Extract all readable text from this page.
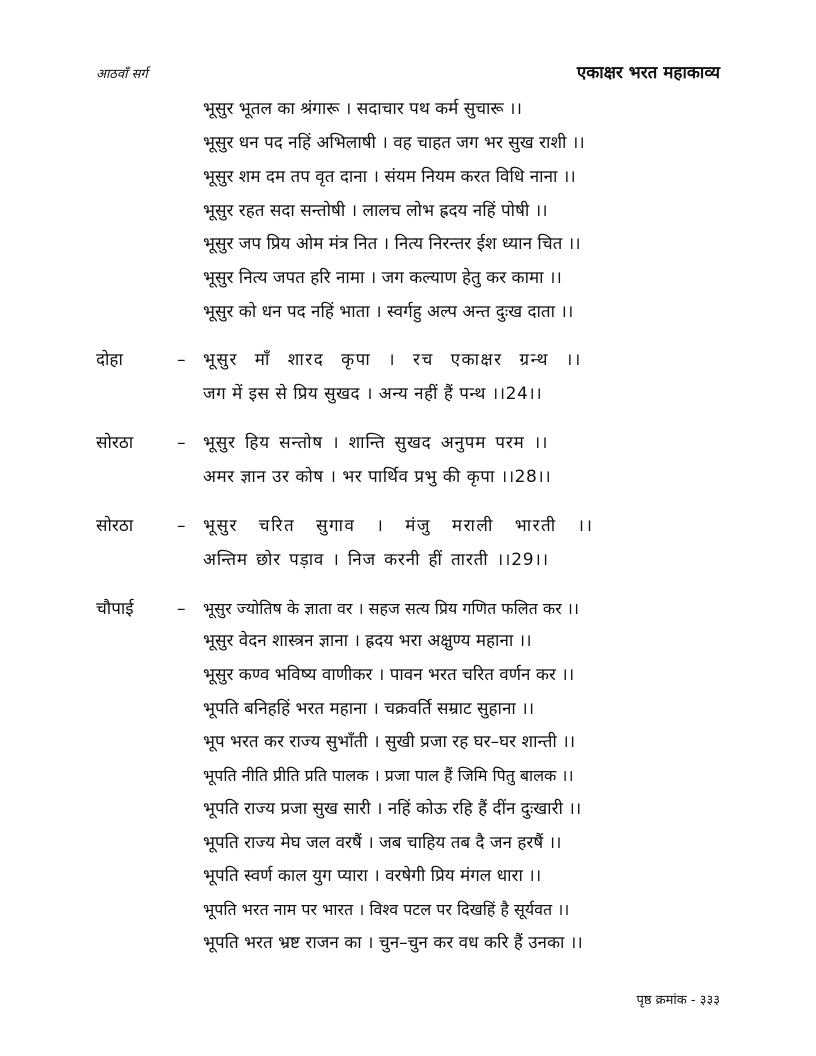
आठवाँ सर्ग	एकाक्षर भरत महाकाव्य
भूसुर भूतल का श्रंगारू । सदाचार पथ कर्म सुचारू ।।
भूसुर धन पद नहिं अभिलाषी । वह चाहत जग भर सुख राशी ।।
भूसुर शम दम तप वृत दाना । संयम नियम करत विधि नाना ।।
भूसुर रहत सदा सन्तोषी । लालच लोभ ह्रदय नहिं पोषी ।।
भूसुर जप प्रिय ओम मंत्र नित । नित्य निरन्तर ईश ध्यान चित ।।
भूसुर नित्य जपत हरि नामा । जग कल्याण हेतु कर कामा ।।
भूसुर को धन पद नहिं भाता । स्वर्गहु अल्प अन्त दुःख दाता ।।
दोहा	– भूसुर माँ शारद कृपा । रच एकाक्षर ग्रन्थ ।।
जग में इस से प्रिय सुखद । अन्य नहीं हैं पन्थ ।।24।।
सोरठा	– भूसुर हिय सन्तोष । शान्ति सुखद अनुपम परम ।।
अमर ज्ञान उर कोष । भर पार्थिव प्रभु की कृपा ।।28।।
सोरठा	– भूसुर चरित सुगाव । मंजु मराली भारती ।।
अन्तिम छोर पड़ाव । निज करनी हीं तारती ।।29।।
चौपाई	– भूसुर ज्योतिष के ज्ञाता वर । सहज सत्य प्रिय गणित फलित कर ।।
भूसुर वेदन शास्त्रन ज्ञाना । ह्रदय भरा अक्षुण्य महाना ।।
भूसुर कण्व भविष्य वाणीकर । पावन भरत चरित वर्णन कर ।।
भूपति बनिहहिं भरत महाना । चक्रवर्ति सम्राट सुहाना ।।
भूप भरत कर राज्य सुभाँती । सुखी प्रजा रह घर–घर शान्ती ।।
भूपति नीति प्रीति प्रति पालक । प्रजा पाल हैं जिमि पितु बालक ।।
भूपति राज्य प्रजा सुख सारी । नहिं कोऊ रहि हैं दींन दुःखारी ।।
भूपति राज्य मेघ जल वरषैं । जब चाहिय तब दै जन हरषैं ।।
भूपति स्वर्ण काल युग प्यारा । वरषेगी प्रिय मंगल धारा ।।
भूपति भरत नाम पर भारत । विश्व पटल पर दिखहिं है सूर्यवत ।।
भूपति भरत भ्रष्ट राजन का । चुन–चुन कर वध करि हैं उनका ।।
पृष्ठ क्रमांक - ३३३
